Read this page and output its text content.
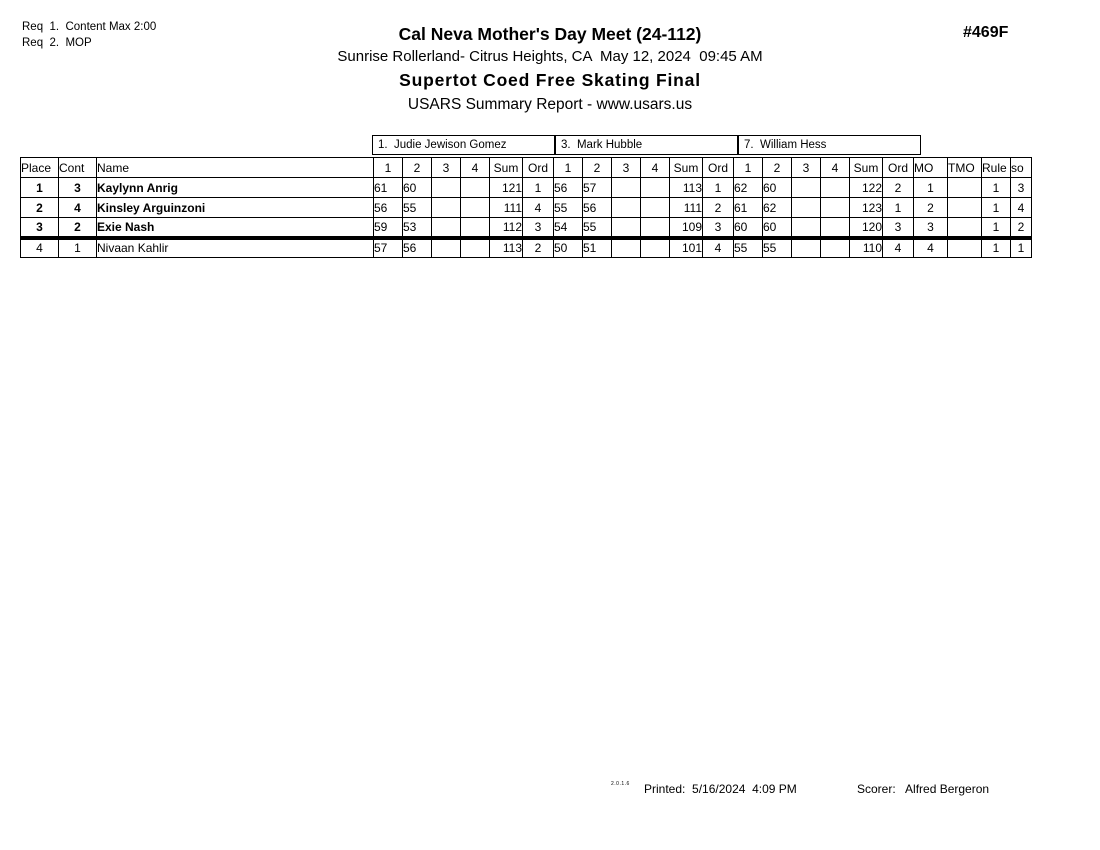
Req  1.  Content Max 2:00
Req  2.  MOP
#469F
Cal Neva Mother's Day Meet (24-112)
Sunrise Rollerland- Citrus Heights, CA  May 12, 2024  09:45 AM
Supertot Coed Free Skating Final
USARS Summary Report - www.usars.us
1.  Judie Jewison Gomez	3.  Mark Hubble	7.  William Hess
Place	Cont	Name	1	2	3	4	Sum	Ord	1	2	3	4	Sum	Ord	1	2	3	4	Sum	Ord	MO	TMO	Rule	so
1	3	Kaylynn Anrig	61	60			121	1	56	57			113	1	62	60			122	2	1		1	3
2	4	Kinsley Arguinzoni	56	55			111	4	55	56			111	2	61	62			123	1	2		1	4
3	2	Exie Nash	59	53			112	3	54	55			109	3	60	60			120	3	3		1	2
4	1	Nivaan Kahlir	57	56			113	2	50	51			101	4	55	55			110	4	4		1	1
2.0.1.6 Printed: 5/16/2024  4:09 PM	Scorer: Alfred Bergeron
